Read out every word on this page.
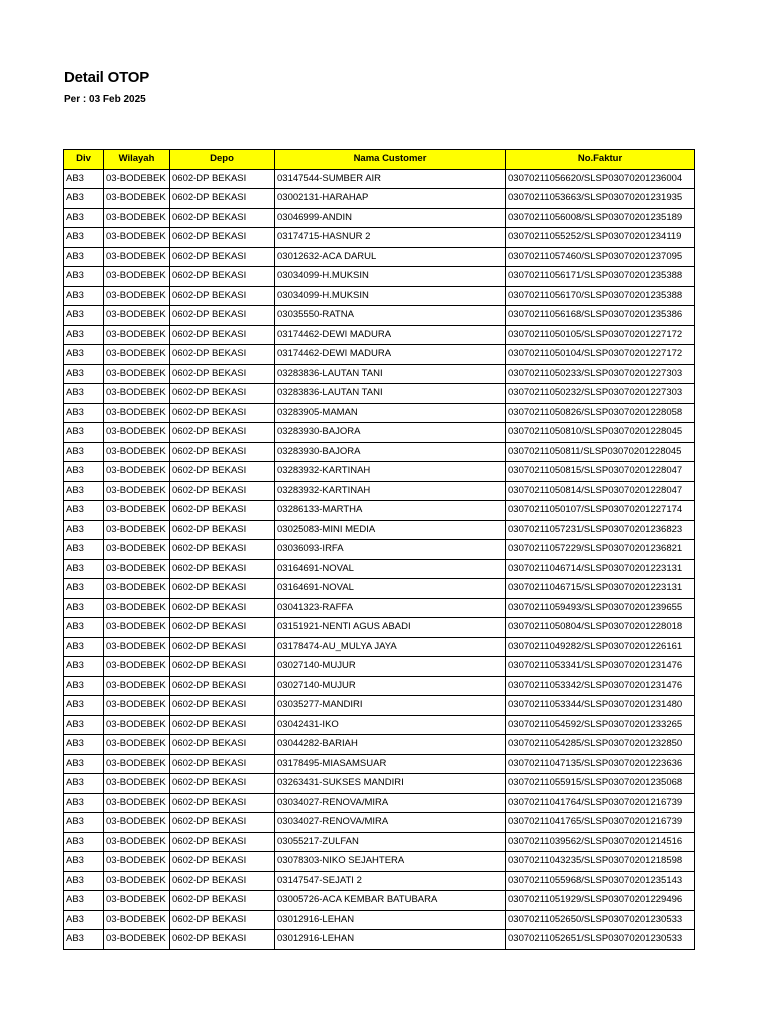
Detail OTOP
Per : 03 Feb 2025
Div	Wilayah	Depo	Nama Customer	No.Faktur
AB3	03-BODEBEK	0602-DP BEKASI	03147544-SUMBER AIR	03070211056620/SLSP03070201236004
AB3	03-BODEBEK	0602-DP BEKASI	03002131-HARAHAP	03070211053663/SLSP03070201231935
AB3	03-BODEBEK	0602-DP BEKASI	03046999-ANDIN	03070211056008/SLSP03070201235189
AB3	03-BODEBEK	0602-DP BEKASI	03174715-HASNUR 2	03070211055252/SLSP03070201234119
AB3	03-BODEBEK	0602-DP BEKASI	03012632-ACA DARUL	03070211057460/SLSP03070201237095
AB3	03-BODEBEK	0602-DP BEKASI	03034099-H.MUKSIN	03070211056171/SLSP03070201235388
AB3	03-BODEBEK	0602-DP BEKASI	03034099-H.MUKSIN	03070211056170/SLSP03070201235388
AB3	03-BODEBEK	0602-DP BEKASI	03035550-RATNA	03070211056168/SLSP03070201235386
AB3	03-BODEBEK	0602-DP BEKASI	03174462-DEWI MADURA	03070211050105/SLSP03070201227172
AB3	03-BODEBEK	0602-DP BEKASI	03174462-DEWI MADURA	03070211050104/SLSP03070201227172
AB3	03-BODEBEK	0602-DP BEKASI	03283836-LAUTAN TANI	03070211050233/SLSP03070201227303
AB3	03-BODEBEK	0602-DP BEKASI	03283836-LAUTAN TANI	03070211050232/SLSP03070201227303
AB3	03-BODEBEK	0602-DP BEKASI	03283905-MAMAN	03070211050826/SLSP03070201228058
AB3	03-BODEBEK	0602-DP BEKASI	03283930-BAJORA	03070211050810/SLSP03070201228045
AB3	03-BODEBEK	0602-DP BEKASI	03283930-BAJORA	03070211050811/SLSP03070201228045
AB3	03-BODEBEK	0602-DP BEKASI	03283932-KARTINAH	03070211050815/SLSP03070201228047
AB3	03-BODEBEK	0602-DP BEKASI	03283932-KARTINAH	03070211050814/SLSP03070201228047
AB3	03-BODEBEK	0602-DP BEKASI	03286133-MARTHA	03070211050107/SLSP03070201227174
AB3	03-BODEBEK	0602-DP BEKASI	03025083-MINI MEDIA	03070211057231/SLSP03070201236823
AB3	03-BODEBEK	0602-DP BEKASI	03036093-IRFA	03070211057229/SLSP03070201236821
AB3	03-BODEBEK	0602-DP BEKASI	03164691-NOVAL	03070211046714/SLSP03070201223131
AB3	03-BODEBEK	0602-DP BEKASI	03164691-NOVAL	03070211046715/SLSP03070201223131
AB3	03-BODEBEK	0602-DP BEKASI	03041323-RAFFA	03070211059493/SLSP03070201239655
AB3	03-BODEBEK	0602-DP BEKASI	03151921-NENTI AGUS ABADI	03070211050804/SLSP03070201228018
AB3	03-BODEBEK	0602-DP BEKASI	03178474-AU_MULYA JAYA	03070211049282/SLSP03070201226161
AB3	03-BODEBEK	0602-DP BEKASI	03027140-MUJUR	03070211053341/SLSP03070201231476
AB3	03-BODEBEK	0602-DP BEKASI	03027140-MUJUR	03070211053342/SLSP03070201231476
AB3	03-BODEBEK	0602-DP BEKASI	03035277-MANDIRI	03070211053344/SLSP03070201231480
AB3	03-BODEBEK	0602-DP BEKASI	03042431-IKO	03070211054592/SLSP03070201233265
AB3	03-BODEBEK	0602-DP BEKASI	03044282-BARIAH	03070211054285/SLSP03070201232850
AB3	03-BODEBEK	0602-DP BEKASI	03178495-MIASAMSUAR	03070211047135/SLSP03070201223636
AB3	03-BODEBEK	0602-DP BEKASI	03263431-SUKSES MANDIRI	03070211055915/SLSP03070201235068
AB3	03-BODEBEK	0602-DP BEKASI	03034027-RENOVA/MIRA	03070211041764/SLSP03070201216739
AB3	03-BODEBEK	0602-DP BEKASI	03034027-RENOVA/MIRA	03070211041765/SLSP03070201216739
AB3	03-BODEBEK	0602-DP BEKASI	03055217-ZULFAN	03070211039562/SLSP03070201214516
AB3	03-BODEBEK	0602-DP BEKASI	03078303-NIKO SEJAHTERA	03070211043235/SLSP03070201218598
AB3	03-BODEBEK	0602-DP BEKASI	03147547-SEJATI 2	03070211055968/SLSP03070201235143
AB3	03-BODEBEK	0602-DP BEKASI	03005726-ACA KEMBAR BATUBARA	03070211051929/SLSP03070201229496
AB3	03-BODEBEK	0602-DP BEKASI	03012916-LEHAN	03070211052650/SLSP03070201230533
AB3	03-BODEBEK	0602-DP BEKASI	03012916-LEHAN	03070211052651/SLSP03070201230533
